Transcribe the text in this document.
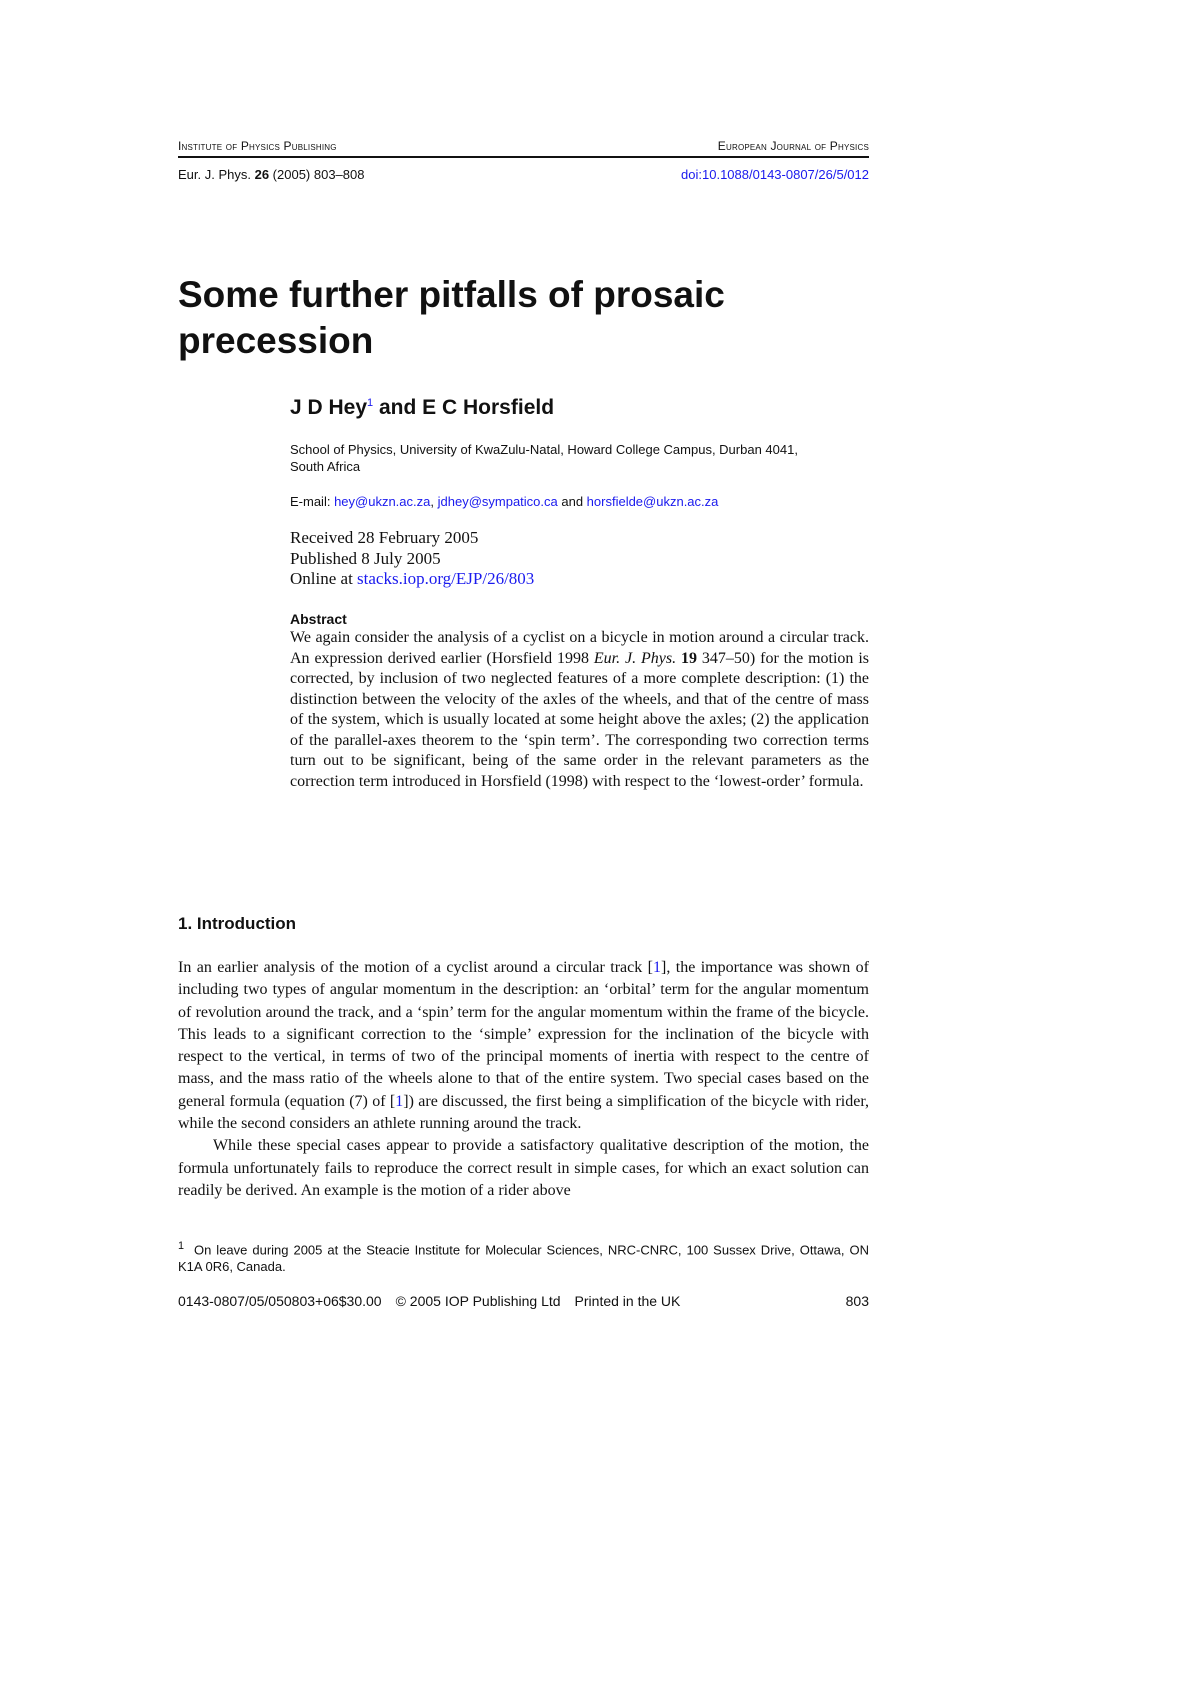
Institute of Physics Publishing	European Journal of Physics
Eur. J. Phys. 26 (2005) 803–808	doi:10.1088/0143-0807/26/5/012
Some further pitfalls of prosaic precession
J D Hey$^1$ and E C Horsfield
School of Physics, University of KwaZulu-Natal, Howard College Campus, Durban 4041,
South Africa
E-mail: hey@ukzn.ac.za, jdhey@sympatico.ca and horsfielde@ukzn.ac.za
Received 28 February 2005
Published 8 July 2005
Online at stacks.iop.org/EJP/26/803
Abstract

We again consider the analysis of a cyclist on a bicycle in motion around a circular track. An expression derived earlier (Horsfield 1998 Eur. J. Phys. 19 347–50) for the motion is corrected, by inclusion of two neglected features of a more complete description: (1) the distinction between the velocity of the axles of the wheels, and that of the centre of mass of the system, which is usually located at some height above the axles; (2) the application of the parallel-axes theorem to the ‘spin term’. The corresponding two correction terms turn out to be significant, being of the same order in the relevant parameters as the correction term introduced in Horsfield (1998) with respect to the ‘lowest-order’ formula.

1. Introduction

In an earlier analysis of the motion of a cyclist around a circular track [1], the importance was shown of including two types of angular momentum in the description: an ‘orbital’ term for the angular momentum of revolution around the track, and a ‘spin’ term for the angular momentum within the frame of the bicycle. This leads to a significant correction to the ‘simple’ expression for the inclination of the bicycle with respect to the vertical, in terms of two of the principal moments of inertia with respect to the centre of mass, and the mass ratio of the wheels alone to that of the entire system. Two special cases based on the general formula (equation (7) of [1]) are discussed, the first being a simplification of the bicycle with rider, while the second considers an athlete running around the track.

While these special cases appear to provide a satisfactory qualitative description of the motion, the formula unfortunately fails to reproduce the correct result in simple cases, for which an exact solution can readily be derived. An example is the motion of a rider above

$^1$ On leave during 2005 at the Steacie Institute for Molecular Sciences, NRC-CNRC, 100 Sussex Drive, Ottawa, ON K1A 0R6, Canada.
0143-0807/05/050803+06$30.00 © 2005 IOP Publishing Ltd Printed in the UK	803
